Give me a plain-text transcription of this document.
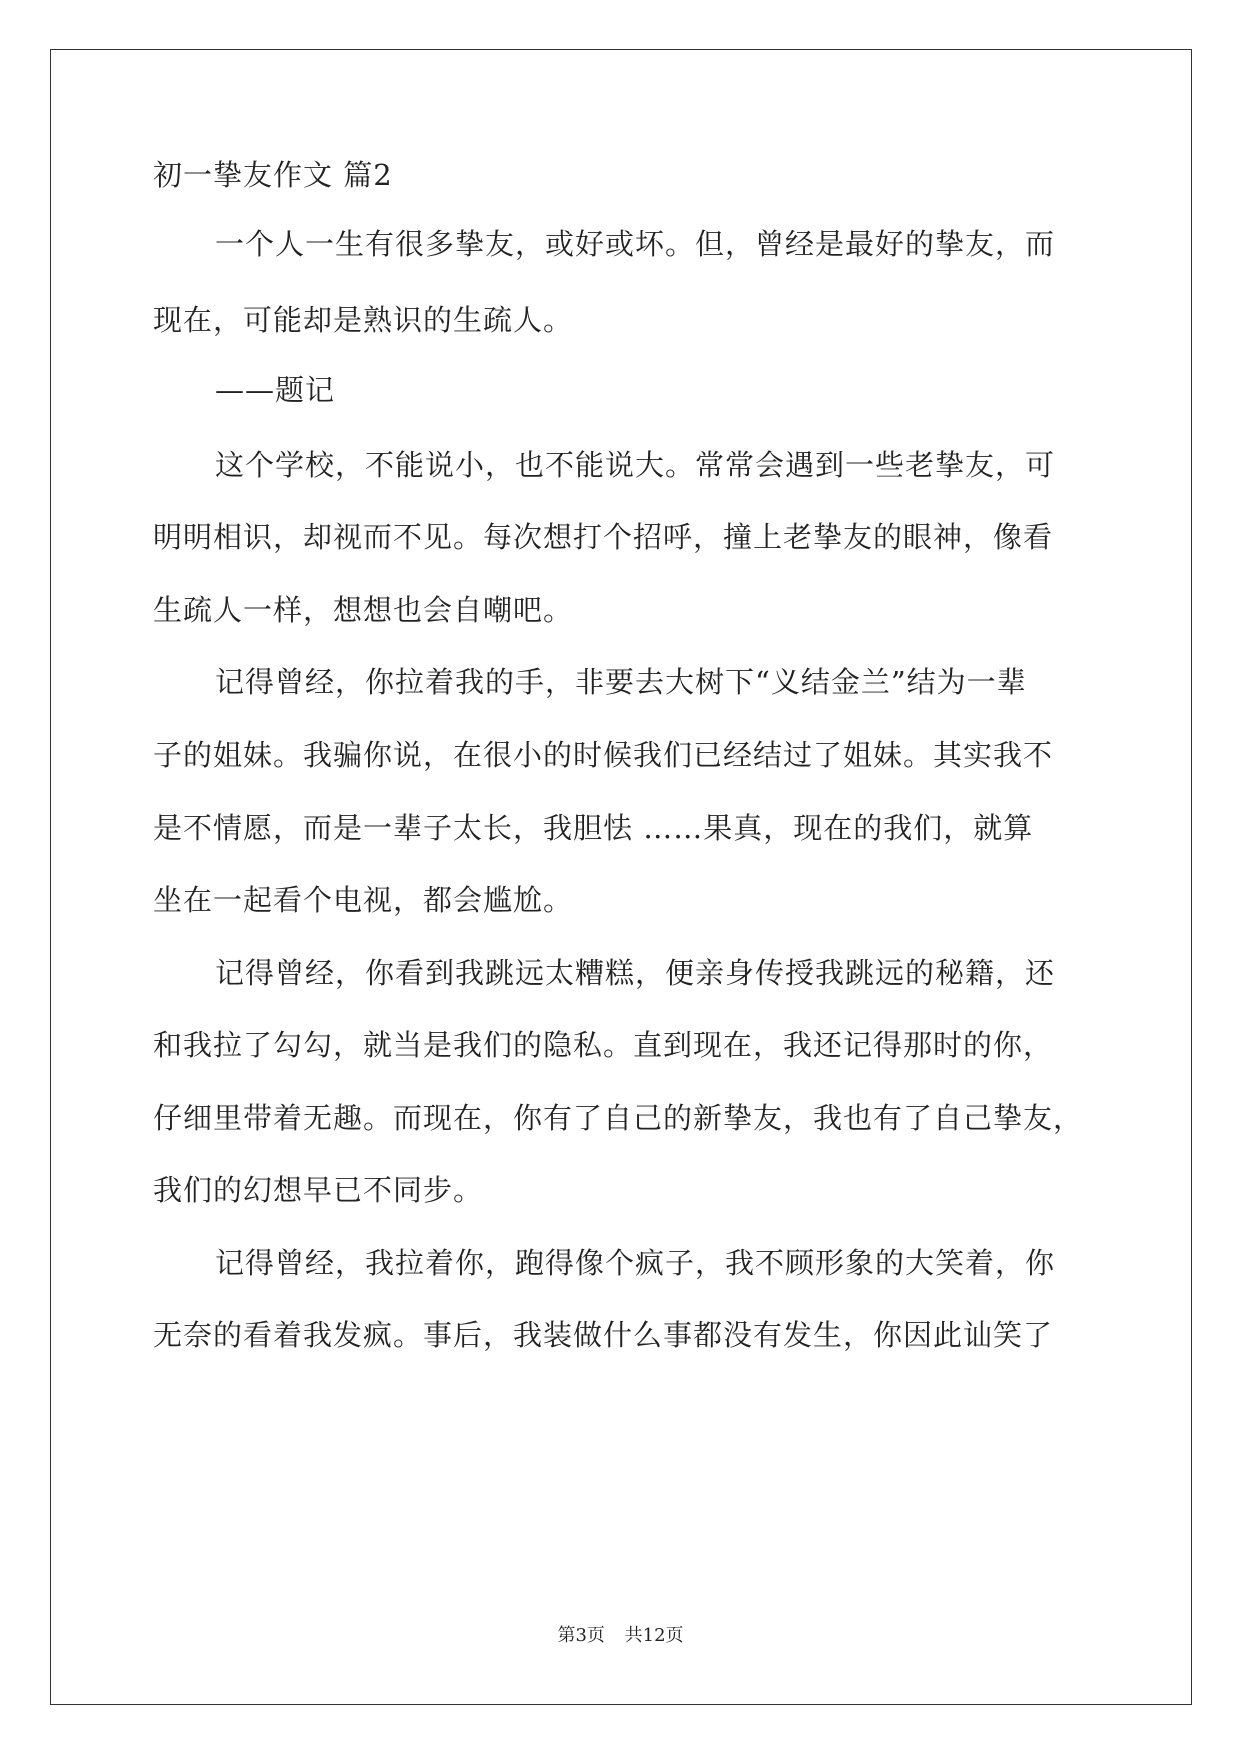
初一挚友作文 篇2
一个人一生有很多挚友，或好或坏。但，曾经是最好的挚友，而
现在，可能却是熟识的生疏人。
——题记
这个学校，不能说小，也不能说大。常常会遇到一些老挚友，可
明明相识，却视而不见。每次想打个招呼，撞上老挚友的眼神，像看
生疏人一样，想想也会自嘲吧。
记得曾经，你拉着我的手，非要去大树下“义结金兰”结为一辈
子的姐妹。我骗你说，在很小的时候我们已经结过了姐妹。其实我不
是不情愿，而是一辈子太长，我胆怯 ……果真，现在的我们，就算
坐在一起看个电视，都会尴尬。
记得曾经，你看到我跳远太糟糕，便亲身传授我跳远的秘籍，还
和我拉了勾勾，就当是我们的隐私。直到现在，我还记得那时的你，
仔细里带着无趣。而现在，你有了自己的新挚友，我也有了自己挚友，
我们的幻想早已不同步。
记得曾经，我拉着你，跑得像个疯子，我不顾形象的大笑着，你
无奈的看着我发疯。事后，我装做什么事都没有发生，你因此讪笑了
第3页 共12页
